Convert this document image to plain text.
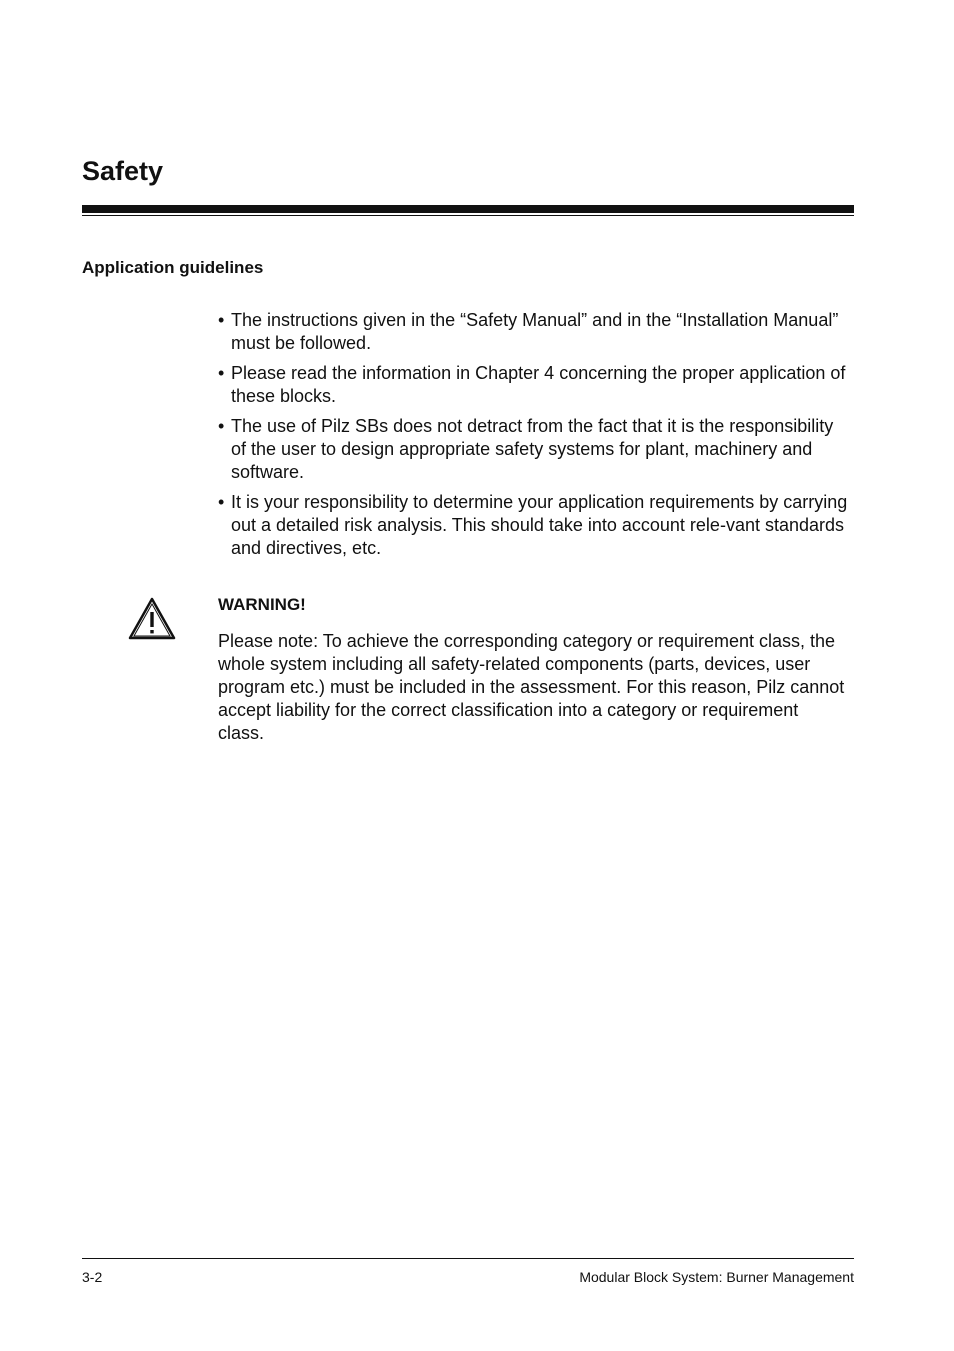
Safety
Application guidelines
• The instructions given in the “Safety Manual” and in the “Installation Manual” must be followed.
• Please read the information in Chapter 4 concerning the proper application of these blocks.
• The use of Pilz SBs does not detract from the fact that it is the responsibility of the user to design appropriate safety systems for plant, machinery and software.
• It is your responsibility to determine your application requirements by carrying out a detailed risk analysis. This should take into account rele-vant standards and directives, etc.
WARNING!

Please note: To achieve the corresponding category or requirement class, the whole system including all safety-related components (parts, devices, user program etc.) must be included in the assessment. For this reason, Pilz cannot accept liability for the correct classification into a category or requirement class.

3-2	Modular Block System: Burner Management
